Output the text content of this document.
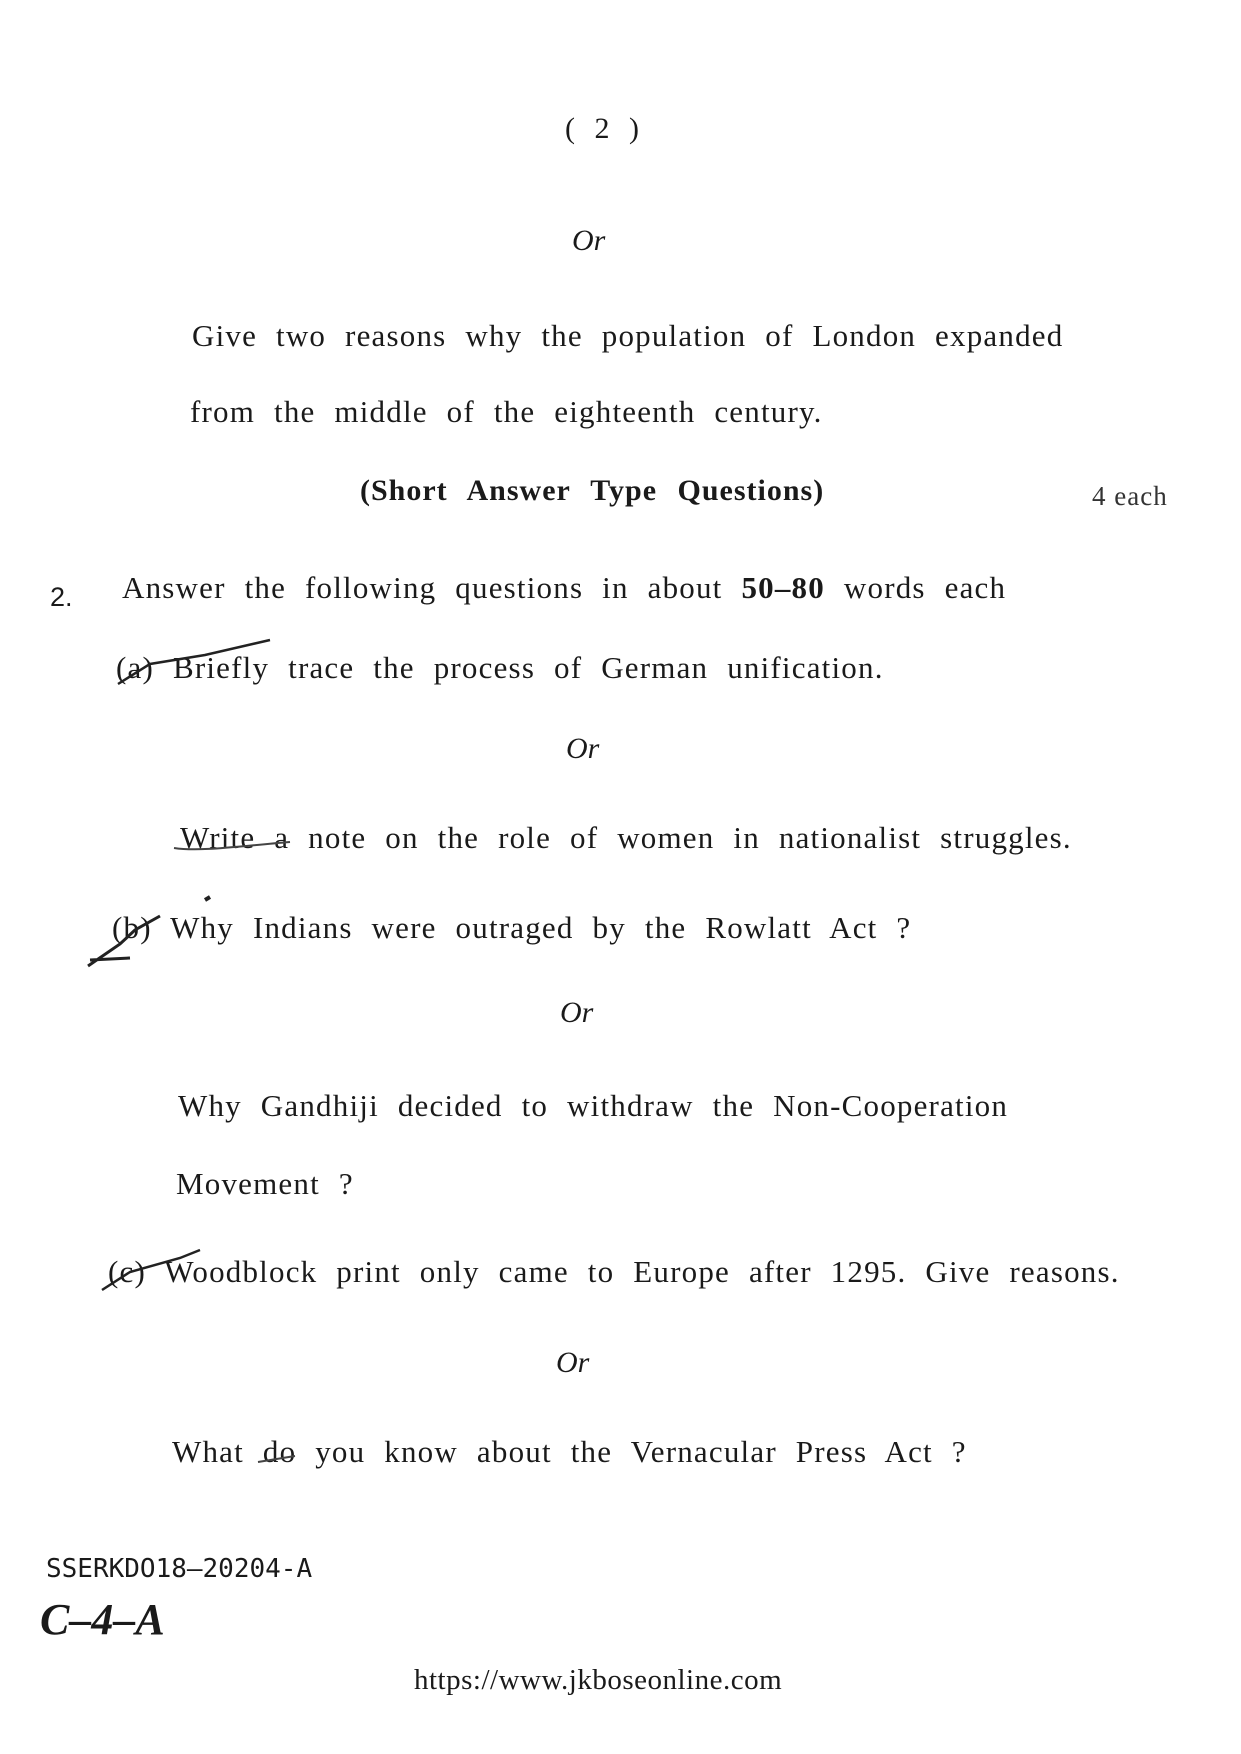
( 2 )
Or
Give two reasons why the population of London expanded
from the middle of the eighteenth century.
(Short Answer Type Questions)	4 each
2. Answer the following questions in about 50–80 words each
(a) Briefly trace the process of German unification.
Or
Write a note on the role of women in nationalist struggles.
(b) Why Indians were outraged by the Rowlatt Act ?
Or
Why Gandhiji decided to withdraw the Non-Cooperation
Movement ?
(c) Woodblock print only came to Europe after 1295. Give reasons.
Or
What do you know about the Vernacular Press Act ?
SSERKDO18—20204-A
C–4–A
https://www.jkboseonline.com
